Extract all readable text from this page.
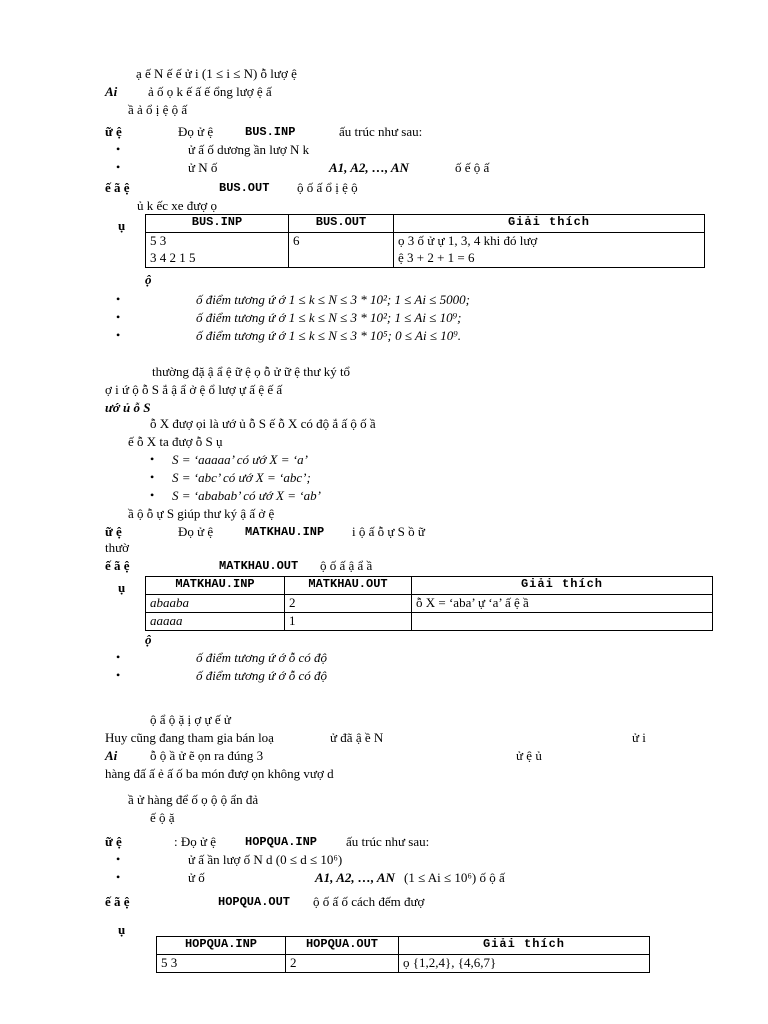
ạ ế N ế ế ử i (1 ≤ i ≤ N) ỗ lượ ệ
Ai ả ố ọ k ế ấ ế ổng lượ ệ ấ
ầ ả ổ ị ệ ộ ấ
ữ ệ	Đọ ử ệ	BUS.INP	ấu trúc như sau:
•	ử ấ ố dương ần lượ N k
•	ử N ố	A1, A2, …, AN	ố ế ộ ấ
ế ã ệ	BUS.OUT ộ ố ấ ổ ị ệ ộ
ủ k ếc xe đượ ọ
ụ	BUS.INP	BUS.OUT	Giải thích
5 3	6	ọ 3 ố ử ự 1, 3, 4 khi đó lượ
3 4 2 1 5		ệ 3 + 2 + 1 = 6
ộ
•	ố điểm tương ứ ớ 1 ≤ k ≤ N ≤ 3 * 10²; 1 ≤ Ai ≤ 5000;
•	ố điểm tương ứ ớ 1 ≤ k ≤ N ≤ 3 * 10²; 1 ≤ Ai ≤ 10⁹;
•	ố điểm tương ứ ớ 1 ≤ k ≤ N ≤ 3 * 10⁵; 0 ≤ Ai ≤ 10⁹.
thường đặ ậ ẩ ệ ữ ệ ọ ỗ ử ữ ệ thư ký tổ
ợ i ứ ộ ỗ S ắ ậ ẩ ở ệ ổ lượ ự ấ ệ ế ấ
ướ ủ ỗ S
ỗ X đượ ọi là ướ ủ ỗ S ế ỗ X có độ ắ ấ ộ ố ầ
ế ỗ X ta đượ ỗ S ụ
• S = ‘aaaaa’ có ướ X = ‘a’
• S = ‘abc’ có ướ X = ‘abc’;
• S = ‘ababab’ có ướ X = ‘ab’
ầ ộ ỗ ự S giúp thư ký ậ ấ ở ệ
ữ ệ	Đọ ử ệ	MATKHAU.INP i ộ ấ ỗ ự S ồ ữ
thườ
ế ã ệ	MATKHAU.OUT ộ ố ấ ậ ẩ ầ
ụ	MATKHAU.INP	MATKHAU.OUT	Giải thích
abaaba	2	ỗ X = ‘aba’ ự ‘a’ ấ ệ ầ
aaaaa	1	
ộ
•	ố điểm tương ứ ớ ỗ có độ
•	ố điểm tương ứ ớ ỗ có độ
ộ ẩ ộ ặ ị ợ ự ế ử
Huy cũng đang tham gia bán loạ	ử đã ậ ề N	ử i
Ai	ỗ ộ ầ ử ẽ ọn ra đúng 3	ử ệ ủ
hàng đấ ấ ẻ ấ ố ba món đượ ọn không vượ d
ầ ử hàng để ố ọ ộ ộ ẩn đả
ế ộ ặ
ữ ệ	: Đọ ử ệ HOPQUA.INP ấu trúc như sau:
•	ử ấ ần lượ ố N d (0 ≤ d ≤ 10⁶)
•	ử ố	A1, A2, …, AN (1 ≤ Ai ≤ 10⁶) ố ộ ấ
ế ã ệ	HOPQUA.OUT ộ ố ấ ố cách đếm đượ
ụ
HOPQUA.INP	HOPQUA.OUT	Giải thích
5 3	2	ọ {1,2,4}, {4,6,7}
